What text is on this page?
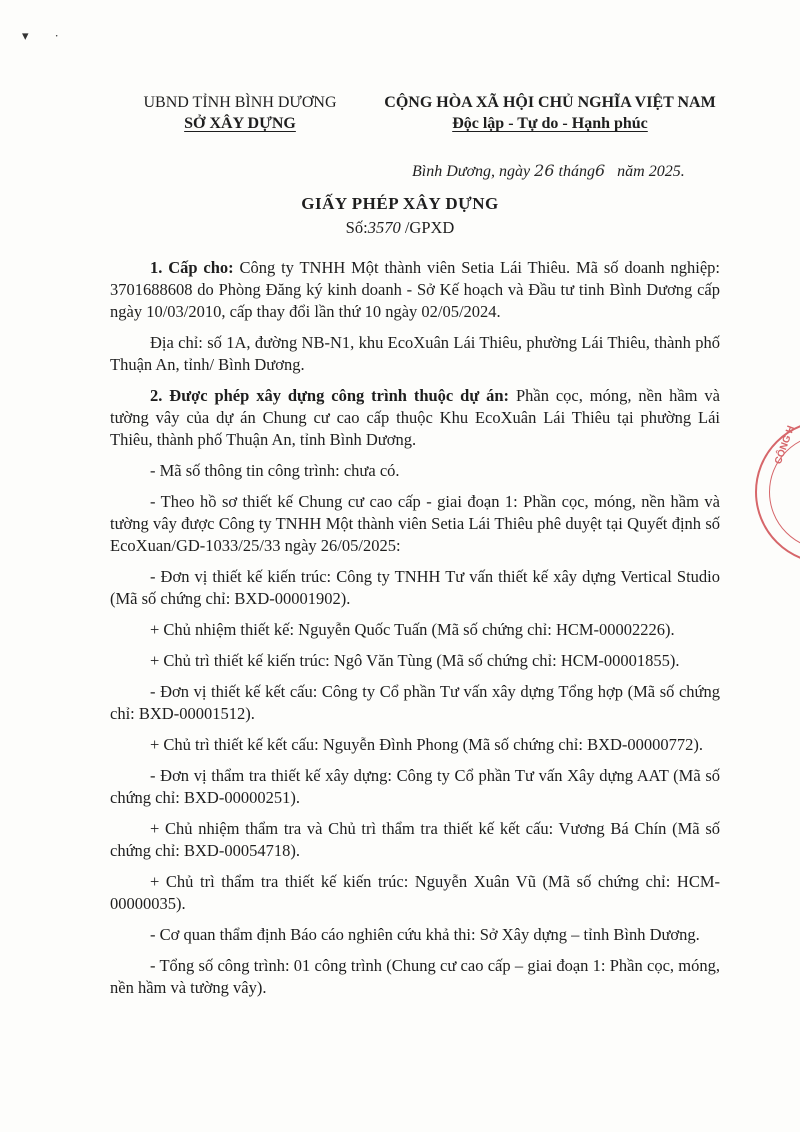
▾        ·
UBND TỈNH BÌNH DƯƠNG
SỞ XÂY DỰNG
CỘNG HÒA XÃ HỘI CHỦ NGHĨA VIỆT NAM
Độc lập - Tự do - Hạnh phúc
Bình Dương, ngày 26 tháng6 năm 2025.
GIẤY PHÉP XÂY DỰNG
Số:3570 /GPXD

1. Cấp cho: Công ty TNHH Một thành viên Setia Lái Thiêu. Mã số doanh nghiệp: 3701688608 do Phòng Đăng ký kinh doanh - Sở Kế hoạch và Đầu tư tinh Bình Dương cấp ngày 10/03/2010, cấp thay đổi lần thứ 10 ngày 02/05/2024.

Địa chỉ: số 1A, đường NB-N1, khu EcoXuân Lái Thiêu, phường Lái Thiêu, thành phố Thuận An, tỉnh/ Bình Dương.

2. Được phép xây dựng công trình thuộc dự án: Phần cọc, móng, nền hầm và tường vây của dự án Chung cư cao cấp thuộc Khu EcoXuân Lái Thiêu tại phường Lái Thiêu, thành phố Thuận An, tỉnh Bình Dương.

- Mã số thông tin công trình: chưa có.

- Theo hồ sơ thiết kế Chung cư cao cấp - giai đoạn 1: Phần cọc, móng, nền hầm và tường vây được Công ty TNHH Một thành viên Setia Lái Thiêu phê duyệt tại Quyết định số EcoXuan/GD-1033/25/33 ngày 26/05/2025:

- Đơn vị thiết kế kiến trúc: Công ty TNHH Tư vấn thiết kế xây dựng Vertical Studio (Mã số chứng chỉ: BXD-00001902).

+ Chủ nhiệm thiết kế: Nguyễn Quốc Tuấn (Mã số chứng chỉ: HCM-00002226).

+ Chủ trì thiết kế kiến trúc: Ngô Văn Tùng (Mã số chứng chỉ: HCM-00001855).

- Đơn vị thiết kế kết cấu: Công ty Cổ phần Tư vấn xây dựng Tổng hợp (Mã số chứng chỉ: BXD-00001512).

+ Chủ trì thiết kế kết cấu: Nguyễn Đình Phong (Mã số chứng chỉ: BXD-00000772).

- Đơn vị thẩm tra thiết kế xây dựng: Công ty Cổ phần Tư vấn Xây dựng AAT (Mã số chứng chỉ: BXD-00000251).

+ Chủ nhiệm thẩm tra và Chủ trì thẩm tra thiết kế kết cấu: Vương Bá Chín (Mã số chứng chỉ: BXD-00054718).

+ Chủ trì thẩm tra thiết kế kiến trúc: Nguyễn Xuân Vũ (Mã số chứng chỉ: HCM-00000035).

- Cơ quan thẩm định Báo cáo nghiên cứu khả thi: Sở Xây dựng – tỉnh Bình Dương.

- Tổng số công trình: 01 công trình (Chung cư cao cấp – giai đoạn 1: Phần cọc, móng, nền hầm và tường vây).

CÔNG H
